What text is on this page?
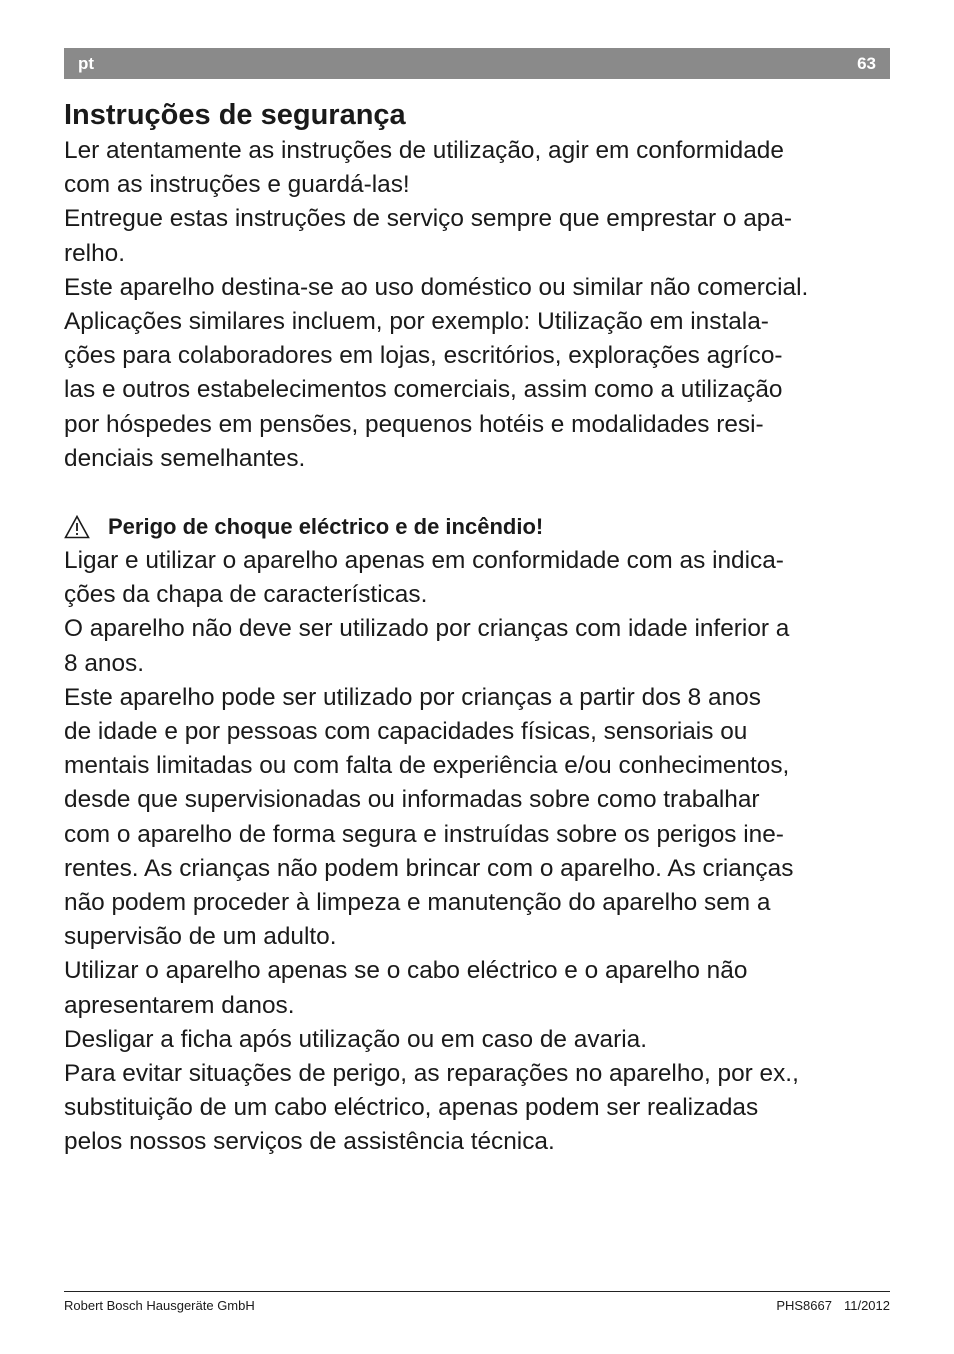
pt	63
Instruções de segurança
Ler atentamente as instruções de utilização, agir em conformidade
com as instruções e guardá-las!
Entregue estas instruções de serviço sempre que emprestar o apa-
relho.
Este aparelho destina-se ao uso doméstico ou similar não comercial.
Aplicações similares incluem, por exemplo: Utilização em instala-
ções para colaboradores em lojas, escritórios, explorações agríco-
las e outros estabelecimentos comerciais, assim como a utilização
por hóspedes em pensões, pequenos hotéis e modalidades resi-
denciais semelhantes.
Perigo de choque eléctrico e de incêndio!
Ligar e utilizar o aparelho apenas em conformidade com as indica-
ções da chapa de características.
O aparelho não deve ser utilizado por crianças com idade inferior a
8 anos.
Este aparelho pode ser utilizado por crianças a partir dos 8 anos
de idade e por pessoas com capacidades físicas, sensoriais ou
mentais limitadas ou com falta de experiência e/ou conhecimentos,
desde que supervisionadas ou informadas sobre como trabalhar
com o aparelho de forma segura e instruídas sobre os perigos ine-
rentes. As crianças não podem brincar com o aparelho. As crianças
não podem proceder à limpeza e manutenção do aparelho sem a
supervisão de um adulto.
Utilizar o aparelho apenas se o cabo eléctrico e o aparelho não
apresentarem danos.
Desligar a ficha após utilização ou em caso de avaria.
Para evitar situações de perigo, as reparações no aparelho, por ex.,
substituição de um cabo eléctrico, apenas podem ser realizadas
pelos nossos serviços de assistência técnica.
Robert Bosch Hausgeräte GmbH	PHS8667 11/2012
